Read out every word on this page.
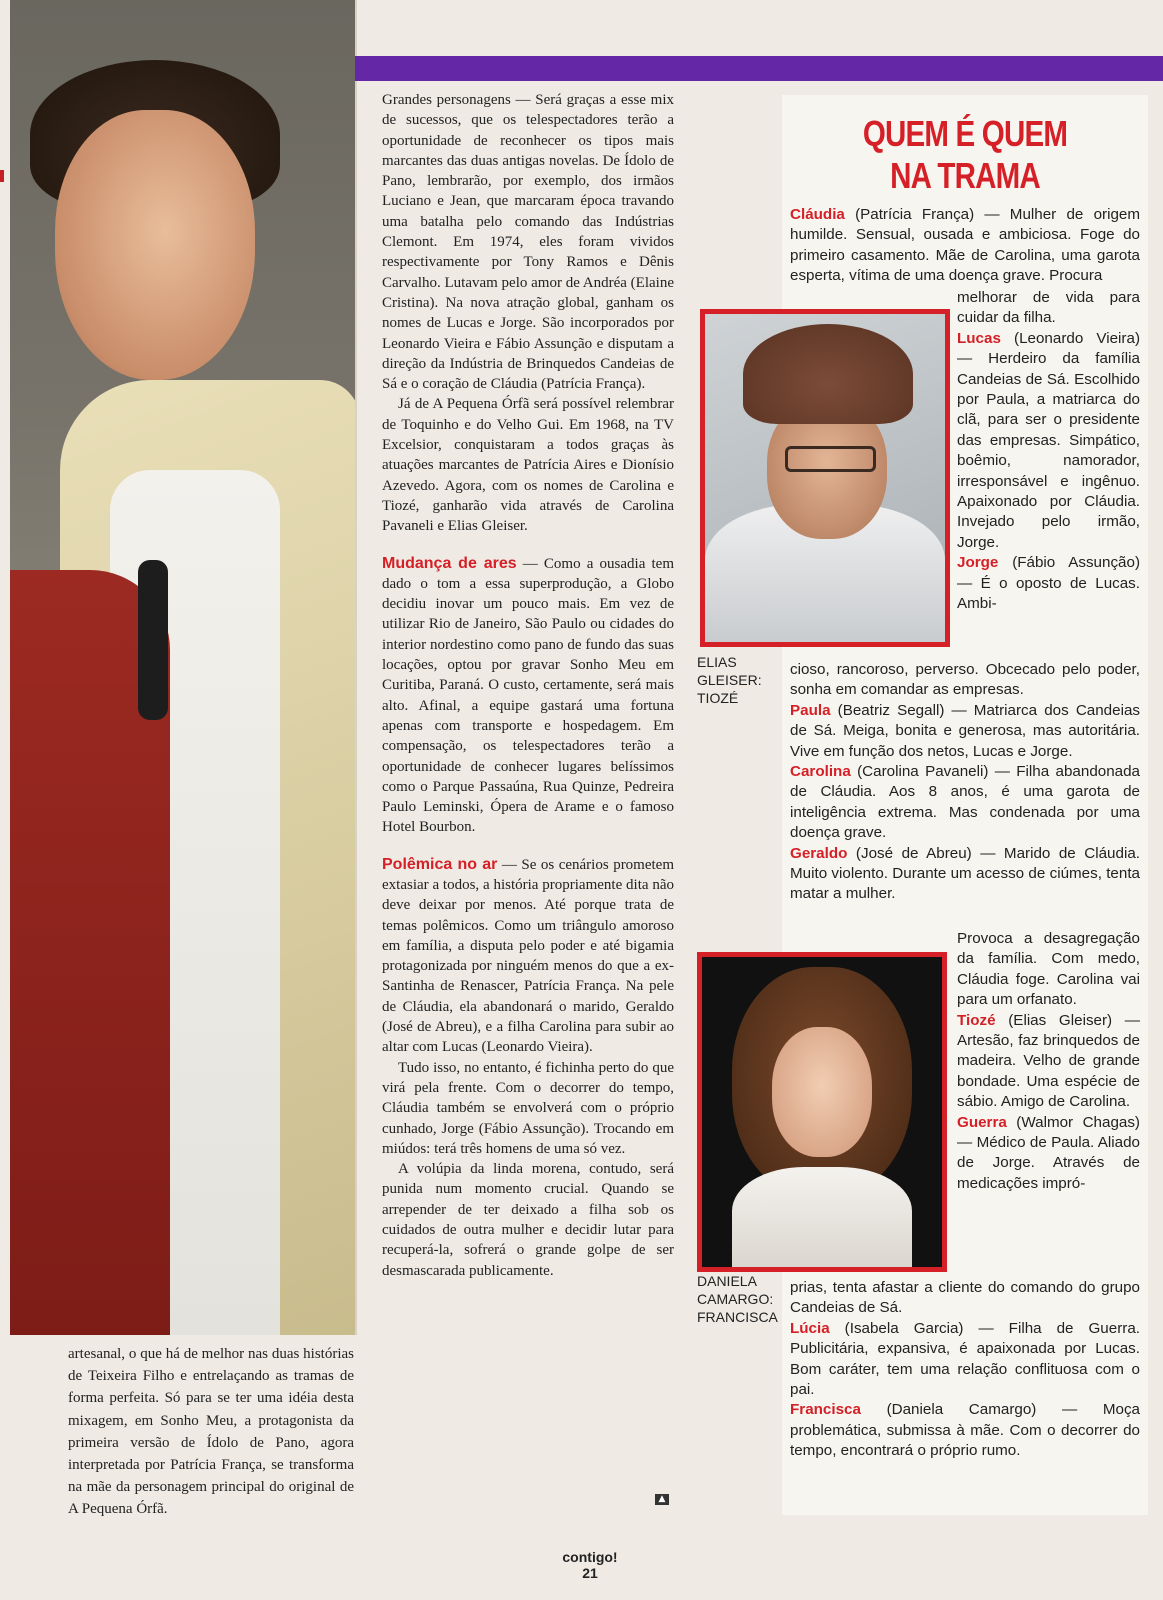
artesanal, o que há de melhor nas duas histórias de Teixeira Filho e entrelaçando as tramas de forma perfeita. Só para se ter uma idéia desta mixagem, em Sonho Meu, a protagonista da primeira versão de Ídolo de Pano, agora interpretada por Patrícia França, se transforma na mãe da personagem principal do original de A Pequena Órfã.

Grandes personagens — Será graças a esse mix de sucessos, que os telespectadores terão a oportunidade de reconhecer os tipos mais marcantes das duas antigas novelas. De Ídolo de Pano, lembrarão, por exemplo, dos irmãos Luciano e Jean, que marcaram época travando uma batalha pelo comando das Indústrias Clemont. Em 1974, eles foram vividos respectivamente por Tony Ramos e Dênis Carvalho. Lutavam pelo amor de Andréa (Elaine Cristina). Na nova atração global, ganham os nomes de Lucas e Jorge. São incorporados por Leonardo Vieira e Fábio Assunção e disputam a direção da Indústria de Brinquedos Candeias de Sá e o coração de Cláudia (Patrícia França).

Já de A Pequena Órfã será possível relembrar de Toquinho e do Velho Gui. Em 1968, na TV Excelsior, conquistaram a todos graças às atuações marcantes de Patrícia Aires e Dionísio Azevedo. Agora, com os nomes de Carolina e Tiozé, ganharão vida através de Carolina Pavaneli e Elias Gleiser.

Mudança de ares — Como a ousadia tem dado o tom a essa superprodução, a Globo decidiu inovar um pouco mais. Em vez de utilizar Rio de Janeiro, São Paulo ou cidades do interior nordestino como pano de fundo das suas locações, optou por gravar Sonho Meu em Curitiba, Paraná. O custo, certamente, será mais alto. Afinal, a equipe gastará uma fortuna apenas com transporte e hospedagem. Em compensação, os telespectadores terão a oportunidade de conhecer lugares belíssimos como o Parque Passaúna, Rua Quinze, Pedreira Paulo Leminski, Ópera de Arame e o famoso Hotel Bourbon.

Polêmica no ar — Se os cenários prometem extasiar a todos, a história propriamente dita não deve deixar por menos. Até porque trata de temas polêmicos. Como um triângulo amoroso em família, a disputa pelo poder e até bigamia protagonizada por ninguém menos do que a ex-Santinha de Renascer, Patrícia França. Na pele de Cláudia, ela abandonará o marido, Geraldo (José de Abreu), e a filha Carolina para subir ao altar com Lucas (Leonardo Vieira).

Tudo isso, no entanto, é fichinha perto do que virá pela frente. Com o decorrer do tempo, Cláudia também se envolverá com o próprio cunhado, Jorge (Fábio Assunção). Trocando em miúdos: terá três homens de uma só vez.

A volúpia da linda morena, contudo, será punida num momento crucial. Quando se arrepender de ter deixado a filha sob os cuidados de outra mulher e decidir lutar para recuperá-la, sofrerá o grande golpe de ser desmascarada publicamente.

▲
QUEM É QUEM
NA TRAMA

ELIAS GLEISER: TIOZÉ

DANIELA CAMARGO: FRANCISCA

Cláudia (Patrícia França) — Mulher de origem humilde. Sensual, ousada e ambiciosa. Foge do primeiro casamento. Mãe de Carolina, uma garota esperta, vítima de uma doença grave. Procura

melhorar de vida para cuidar da filha.
Lucas (Leonardo Vieira) — Herdeiro da família Candeias de Sá. Escolhido por Paula, a matriarca do clã, para ser o presidente das empresas. Simpático, boêmio, namorador, irresponsável e ingênuo. Apaixonado por Cláudia. Invejado pelo irmão, Jorge.
Jorge (Fábio Assunção) — É o oposto de Lucas. Ambi-
cioso, rancoroso, perverso. Obcecado pelo poder, sonha em comandar as empresas.
Paula (Beatriz Segall) — Matriarca dos Candeias de Sá. Meiga, bonita e generosa, mas autoritária. Vive em função dos netos, Lucas e Jorge.
Carolina (Carolina Pavaneli) — Filha abandonada de Cláudia. Aos 8 anos, é uma garota de inteligência extrema. Mas condenada por uma doença grave.
Geraldo (José de Abreu) — Marido de Cláudia. Muito violento. Durante um acesso de ciúmes, tenta matar a mulher.
Provoca a desagregação da família. Com medo, Cláudia foge. Carolina vai para um orfanato.
Tiozé (Elias Gleiser) — Artesão, faz brinquedos de madeira. Velho de grande bondade. Uma espécie de sábio. Amigo de Carolina.
Guerra (Walmor Chagas) — Médico de Paula. Aliado de Jorge. Através de medicações impró-
prias, tenta afastar a cliente do comando do grupo Candeias de Sá.
Lúcia (Isabela Garcia) — Filha de Guerra. Publicitária, expansiva, é apaixonada por Lucas. Bom caráter, tem uma relação conflituosa com o pai.
Francisca (Daniela Camargo) — Moça problemática, submissa à mãe. Com o decorrer do tempo, encontrará o próprio rumo.
contigo!
21
